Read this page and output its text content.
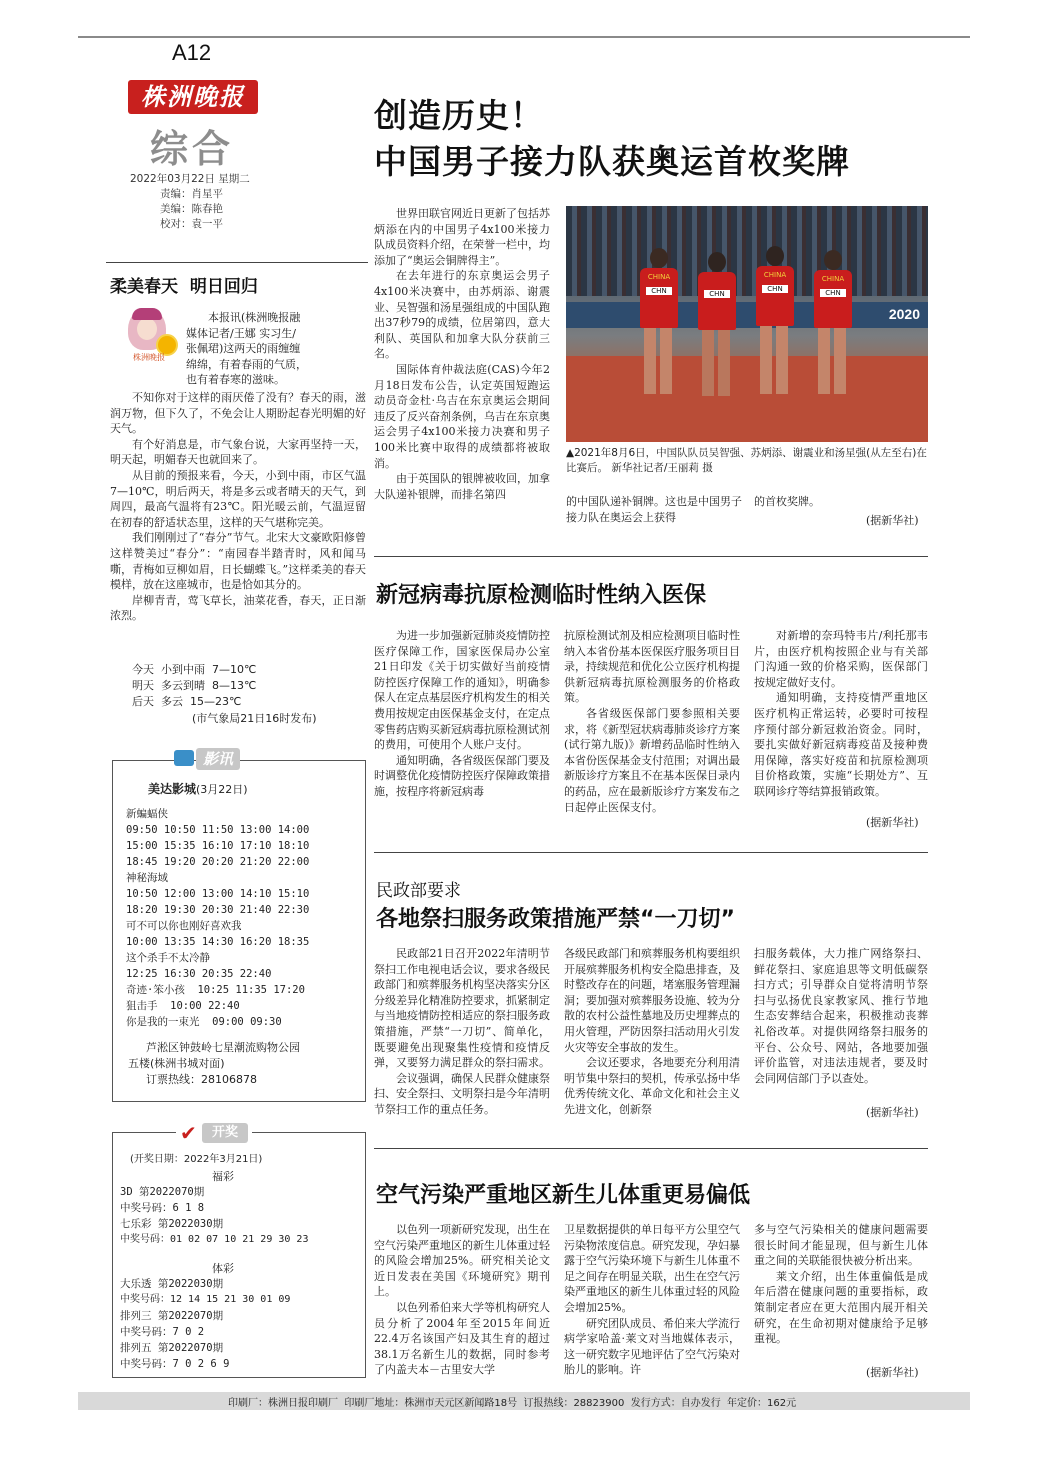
A12
株洲晚报
综合
2022年03月22日 星期二
责编：肖星平
美编：陈春艳
校对：袁一平
柔美春天  明日回归
株洲晚报
本报讯(株洲晚报融
媒体记者/王娜 实习生/
张佩珺)这两天的雨缠缠
绵绵，有着春雨的气质，
也有着春寒的滋味。

不知你对于这样的雨厌倦了没有？春天的雨，滋润万物，但下久了，不免会让人期盼起春光明媚的好天气。

有个好消息是，市气象台说，大家再坚持一天，明天起，明媚春天也就回来了。

从目前的预报来看，今天，小到中雨，市区气温7—10℃，明后两天，将是多云或者晴天的天气，到周四，最高气温将有23℃。阳光暖云前，气温逗留在初春的舒适状态里，这样的天气堪称完美。

我们刚刚过了“春分”节气。北宋大文豪欧阳修曾这样赞美过“春分”：“南园春半踏青时，风和闻马嘶，青梅如豆柳如眉，日长蝴蝶飞。”这样柔美的春天模样，放在这座城市，也是恰如其分的。

岸柳青青，莺飞草长，油菜花香，春天，正日渐浓烈。

今天 小到中雨 7—10℃
明天 多云到晴 8—13℃
后天 多云 15—23℃
(市气象局21日16时发布)
影讯
美达影城(3月22日)
新蝙蝠侠
09:50 10:50 11:50 13:00 14:00
15:00 15:35 16:10 17:10 18:10
18:45 19:20 20:20 21:20 22:00
神秘海域
10:50 12:00 13:00 14:10 15:10
18:20 19:30 20:30 21:40 22:30
可不可以你也刚好喜欢我
10:00 13:35 14:30 16:20 18:35
这个杀手不太冷静
12:25 16:30 20:35 22:40
奇迹·笨小孩  10:25 11:35 17:20
狙击手  10:00 22:40
你是我的一束光  09:00 09:30
芦淞区钟鼓岭七星潮流购物公园
五楼(株洲书城对面)
订票热线：28106878
✔	开奖
(开奖日期：2022年3月21日)
福彩
3D 第2022070期
中奖号码：6 1 8
七乐彩 第2022030期
中奖号码：01 02 07 10 21 29 30 23
体彩
大乐透 第2022030期
中奖号码：12 14 15 21 30 01 09
排列三 第2022070期
中奖号码：7 0 2
排列五 第2022070期
中奖号码：7 0 2 6 9
创造历史！
中国男子接力队获奥运首枚奖牌

世界田联官网近日更新了包括苏炳添在内的中国男子4x100米接力队成员资料介绍，在荣誉一栏中，均添加了“奥运会铜牌得主”。

在去年进行的东京奥运会男子4x100米决赛中，由苏炳添、谢震业、吴智强和汤星强组成的中国队跑出37秒79的成绩，位居第四，意大利队、英国队和加拿大队分获前三名。

国际体育仲裁法庭(CAS)今年2月18日发布公告，认定英国短跑运动员奇金杜·乌吉在东京奥运会期间违反了反兴奋剂条例，乌吉在东京奥运会男子4x100米接力决赛和男子100米比赛中取得的成绩都将被取消。

由于英国队的银牌被收回，加拿大队递补银牌，而排名第四

2020
CHINA
CHN	CHN
CHINA
CHN
CHINA
CHN
▲2021年8月6日，中国队队员吴智强、苏炳添、谢震业和汤星强(从左至右)在比赛后。 新华社记者/王丽莉 摄
的中国队递补铜牌。这也是中国男子接力队在奥运会上获得
的首枚奖牌。
(据新华社)
新冠病毒抗原检测临时性纳入医保

为进一步加强新冠肺炎疫情防控医疗保障工作，国家医保局办公室21日印发《关于切实做好当前疫情防控医疗保障工作的通知》，明确参保人在定点基层医疗机构发生的相关费用按规定由医保基金支付，在定点零售药店购买新冠病毒抗原检测试剂的费用，可使用个人账户支付。

通知明确，各省级医保部门要及时调整优化疫情防控医疗保障政策措施，按程序将新冠病毒

抗原检测试剂及相应检测项目临时性纳入本省份基本医保医疗服务项目目录，持续规范和优化公立医疗机构提供新冠病毒抗原检测服务的价格政策。

各省级医保部门要参照相关要求，将《新型冠状病毒肺炎诊疗方案(试行第九版)》新增药品临时性纳入本省份医保基金支付范围；对调出最新版诊疗方案且不在基本医保目录内的药品，应在最新版诊疗方案发布之日起停止医保支付。

对新增的奈玛特韦片/利托那韦片，由医疗机构按照企业与有关部门沟通一致的价格采购，医保部门按规定做好支付。

通知明确，支持疫情严重地区医疗机构正常运转，必要时可按程序预付部分新冠救治资金。同时，要扎实做好新冠病毒疫苗及接种费用保障，落实好疫苗和抗原检测项目价格政策，实施“长期处方”、互联网诊疗等结算报销政策。

(据新华社)
民政部要求
各地祭扫服务政策措施严禁“一刀切”

民政部21日召开2022年清明节祭扫工作电视电话会议，要求各级民政部门和殡葬服务机构坚决落实分区分级差异化精准防控要求，抓紧制定与当地疫情防控相适应的祭扫服务政策措施，严禁“一刀切”、简单化，既要避免出现聚集性疫情和疫情反弹，又要努力满足群众的祭扫需求。

会议强调，确保人民群众健康祭扫、安全祭扫、文明祭扫是今年清明节祭扫工作的重点任务。

各级民政部门和殡葬服务机构要组织开展殡葬服务机构安全隐患排查，及时整改存在的问题，堵塞服务管理漏洞；要加强对殡葬服务设施、较为分散的农村公益性墓地及历史埋葬点的用火管理，严防因祭扫活动用火引发火灾等安全事故的发生。

会议还要求，各地要充分利用清明节集中祭扫的契机，传承弘扬中华优秀传统文化、革命文化和社会主义先进文化，创新祭

扫服务载体，大力推广网络祭扫、鲜花祭扫、家庭追思等文明低碳祭扫方式；引导群众自觉将清明节祭扫与弘扬优良家教家风、推行节地生态安葬结合起来，积极推动丧葬礼俗改革。对提供网络祭扫服务的平台、公众号、网站，各地要加强评价监管，对违法违规者，要及时会同网信部门予以查处。

(据新华社)
空气污染严重地区新生儿体重更易偏低

以色列一项新研究发现，出生在空气污染严重地区的新生儿体重过轻的风险会增加25%。研究相关论文近日发表在美国《环境研究》期刊上。

以色列希伯来大学等机构研究人员分析了2004年至2015年间近22.4万名该国产妇及其生育的超过38.1万名新生儿的数据，同时参考了内盖夫本－古里安大学

卫星数据提供的单日每平方公里空气污染物浓度信息。研究发现，孕妇暴露于空气污染环境下与新生儿体重不足之间存在明显关联，出生在空气污染严重地区的新生儿体重过轻的风险会增加25%。

研究团队成员、希伯来大学流行病学家哈盖·莱文对当地媒体表示，这一研究数字见地评估了空气污染对胎儿的影响。许

多与空气污染相关的健康问题需要很长时间才能显现，但与新生儿体重之间的关联能很快被分析出来。

莱文介绍，出生体重偏低是成年后潜在健康问题的重要指标，政策制定者应在更大范围内展开相关研究，在生命初期对健康给予足够重视。

(据新华社)
印刷厂：株洲日报印刷厂  印刷厂地址：株洲市天元区新闻路18号  订报热线：28823900  发行方式：自办发行  年定价：162元
